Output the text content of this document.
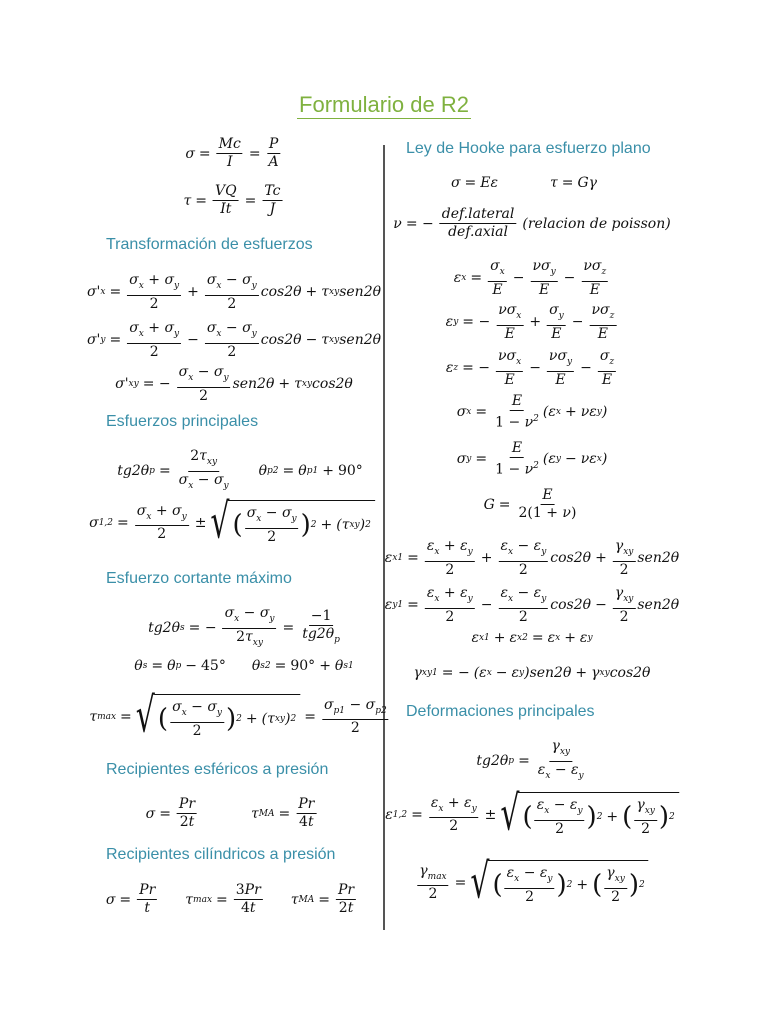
Formulario de R2
$\sigma = \frac{Mc}{I} = \frac{P}{A}$
$\tau = \frac{VQ}{It} = \frac{Tc}{J}$
Transformación de esfuerzos
σ' $x = \frac{\sigma_x + \sigma_y}{2} + \frac{\sigma_x - \sigma_y}{2} \cos 2\theta + \tau$ xy sen2θ
σ' $y = \frac{\sigma_x + \sigma_y}{2} - \frac{\sigma_x - \sigma_y}{2} \cos 2\theta - \tau$ xy sen2θ
σ' xy = − $\frac{\sigma_x - \sigma_y}{2} sen2\theta + \tau$ xy cos2θ
Esfuerzos principales
tg2θ $p = \frac{2\tau_{xy}}{\sigma_x - \sigma_y}$ θ p2 = θ p1 + 90°
σ $1,2 = \frac{\sigma_x + \sigma_y}{2}$ ± √ ( $\frac{\sigma_x - \sigma_y}{2}$ ) 2 + (τ xy ) 2
Esfuerzo cortante máximo
tg2θ s = − $\frac{\sigma_x - \sigma_y}{2\tau_{xy}} = \frac{-1}{tg2\theta_p}$
θ s = θ p − 45° θ s2 = 90° + θ s1
τ max = √ ( $\frac{\sigma_x - \sigma_y}{2}$ ) 2 + (τ xy ) $2 = \frac{\sigma_{p1} - \sigma_{p2}}{2}$
Recipientes esféricos a presión
$\sigma = \frac{Pr}{2t}$	τ MA = $\frac{Pr}{4t}$
Recipientes cilíndricos a presión
$\sigma = \frac{Pr}{t}$ τ $\max = \frac{3Pr}{4t}$ τ MA = $\frac{Pr}{2t}$
Ley de Hooke para esfuerzo plano
σ = Eε	τ = Gγ
ν = − $\frac{\text{def.lateral}}{\text{def.axial}}$ (relacion de poisson)
ε $x = \frac{\sigma_x}{E} - \frac{\nu\sigma_y}{E} - \frac{\nu\sigma_z}{E}$
ε y = − $\frac{\nu\sigma_x}{E} + \frac{\sigma_y}{E} - \frac{\nu\sigma_z}{E}$
ε z = − $\frac{\nu\sigma_x}{E} - \frac{\nu\sigma_y}{E} - \frac{\sigma_z}{E}$
σ $x = \frac{E}{1 - \nu^2} (\varepsilon$ x + νε y )
σ $y = \frac{E}{1 - \nu^2} (\varepsilon$ y − νε x )
$G = \frac{E}{2(1 + \nu)}$
ε $x1 = \frac{\varepsilon_x + \varepsilon_y}{2} + \frac{\varepsilon_x - \varepsilon_y}{2} \cos 2\theta + \frac{\gamma_{xy}}{2} sen2\theta$
ε $y1 = \frac{\varepsilon_x + \varepsilon_y}{2} - \frac{\varepsilon_x - \varepsilon_y}{2} \cos 2\theta - \frac{\gamma_{xy}}{2} sen2\theta$
ε x1 + ε x2 = ε x + ε y
γ xy1 = − (ε x − ε y )sen2θ + γ xy cos2θ
Deformaciones principales
tg2θ $p = \frac{\gamma_{xy}}{\varepsilon_x - \varepsilon_y}$
ε $1,2 = \frac{\varepsilon_x + \varepsilon_y}{2}$ ± √ ( $\frac{\varepsilon_x - \varepsilon_y}{2}$ ) 2 + ( $\frac{\gamma_{xy}}{2}$ ) 2
$\frac{\gamma_{max}}{2}$ = √ ( $\frac{\varepsilon_x - \varepsilon_y}{2}$ ) 2 + ( $\frac{\gamma_{xy}}{2}$ ) 2
